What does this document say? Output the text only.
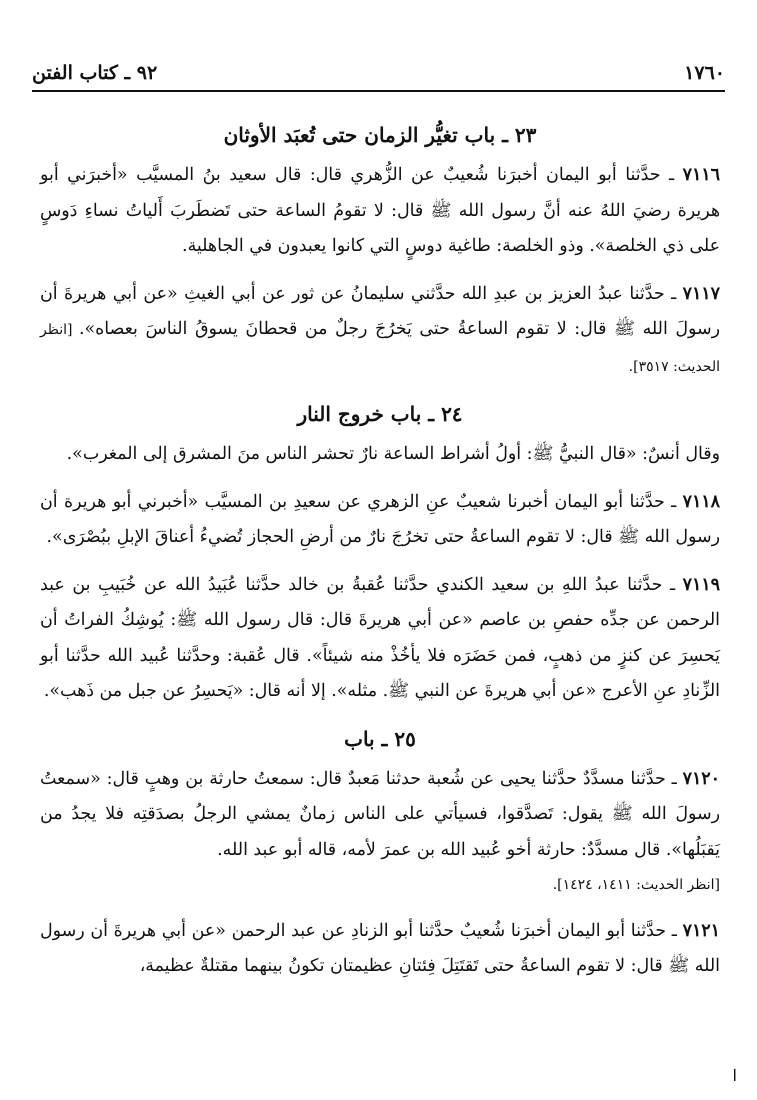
٩٢ ـ كتاب الفتن	١٧٦٠
٢٣ ـ باب تغيُّر الزمان حتى تُعبَد الأوثان
٧١١٦ ـ حدَّثنا أبو اليمان أخبرَنا شُعيبٌ عن الزُّهري قال: قال سعيد بنُ المسيَّب «أخبرَني أبو هريرة رضيَ اللهُ عنه أنَّ رسول الله ﷺ قال: لا تقومُ الساعة حتى تَضطَربَ أَلياتُ نساءِ دَوسٍ على ذي الخلصة». وذو الخلصة: طاغية دوسٍ التي كانوا يعبدون في الجاهلية.
٧١١٧ ـ حدَّثنا عبدُ العزيز بن عبدِ الله حدَّثني سليمانُ عن ثور عن أبي الغيثِ «عن أبي هريرةَ أن رسولَ الله ﷺ قال: لا تقوم الساعةُ حتى يَخرُجَ رجلٌ من قحطانَ يسوقُ الناسَ بعصاه». [انظر الحديث: ٣٥١٧].
٢٤ ـ باب خروج النار
وقال أنسٌ: «قال النبيُّ ﷺ: أولُ أشراط الساعة نارٌ تحشر الناس منَ المشرق إلى المغرب».
٧١١٨ ـ حدَّثنا أبو اليمان أخبرنا شعيبٌ عنِ الزهري عن سعيدِ بن المسيَّب «أخبرني أبو هريرة أن رسول الله ﷺ قال: لا تقوم الساعةُ حتى تخرُجَ نارٌ من أرضِ الحجاز تُضيءُ أعناقَ الإبلِ ببُصْرَى».
٧١١٩ ـ حدَّثنا عبدُ اللهِ بن سعيد الكندي حدَّثنا عُقبةُ بن خالد حدَّثنا عُبَيدُ الله عن خُبَيبِ بن عبد الرحمن عن جدِّه حفصِ بن عاصم «عن أبي هريرةَ قال: قال رسول الله ﷺ: يُوشِكُ الفراتُ أن يَحسِرَ عن كنزٍ من ذهبٍ، فمن حَضَرَه فلا يأخُذْ منه شيئاً». قال عُقبة: وحدَّثنا عُبيد الله حدَّثنا أبو الزِّنادِ عنِ الأعرج «عن أبي هريرةَ عن النبي ﷺ. مثله». إلا أنه قال: «يَحسِرُ عن جبل من ذَهب».
٢٥ ـ باب
٧١٢٠ ـ حدَّثنا مسدَّدٌ حدَّثنا يحيى عن شُعبة حدثنا مَعبدٌ قال: سمعتُ حارثة بن وهبٍ قال: «سمعتُ رسولَ الله ﷺ يقول: تَصدَّقوا، فسيأتي على الناس زمانٌ يمشي الرجلُ بصدَقتِه فلا يجدُ من يَقبَلُها». قال مسدَّدٌ: حارثة أخو عُبيد الله بن عمرَ لأمه، قاله أبو عبد الله.
[انظر الحديث: ١٤١١، ١٤٢٤].
٧١٢١ ـ حدَّثنا أبو اليمان أخبرَنا شُعيبٌ حدَّثنا أبو الزنادِ عن عبد الرحمن «عن أبي هريرةَ أن رسول الله ﷺ قال: لا تقوم الساعةُ حتى تَقتَتِلَ فِئتانِ عظيمتان تكونُ بينهما مقتلةٌ عظيمة،
ا
